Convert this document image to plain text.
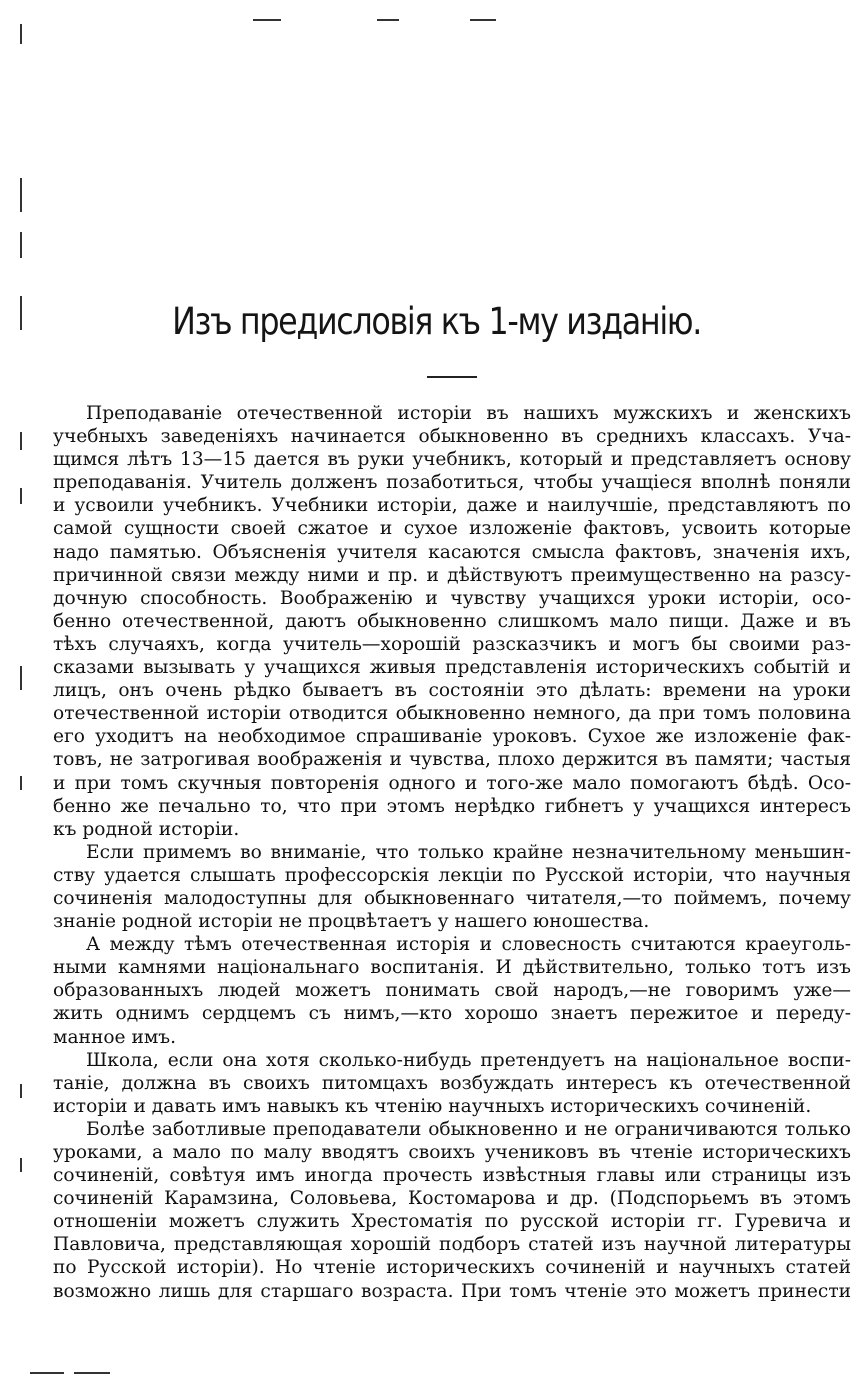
Изъ предисловія къ 1-му изданію.
Преподаваніе отечественной исторіи въ нашихъ мужскихъ и женскихъ
учебныхъ заведеніяхъ начинается обыкновенно въ среднихъ классахъ. Уча-
щимся лѣтъ 13—15 дается въ руки учебникъ, который и представляетъ основу
преподаванія. Учитель долженъ позаботиться, чтобы учащіеся вполнѣ поняли
и усвоили учебникъ. Учебники исторіи, даже и наилучшіе, представляютъ по
самой сущности своей сжатое и сухое изложеніе фактовъ, усвоить которые
надо памятью. Объясненія учителя касаются смысла фактовъ, значенія ихъ,
причинной связи между ними и пр. и дѣйствуютъ преимущественно на разсу-
дочную способность. Воображенію и чувству учащихся уроки исторіи, осо-
бенно отечественной, даютъ обыкновенно слишкомъ мало пищи. Даже и въ
тѣхъ случаяхъ, когда учитель—хорошій разсказчикъ и могъ бы своими раз-
сказами вызывать у учащихся живыя представленія историческихъ событій и
лицъ, онъ очень рѣдко бываетъ въ состояніи это дѣлать: времени на уроки
отечественной исторіи отводится обыкновенно немного, да при томъ половина
его уходитъ на необходимое спрашиваніе уроковъ. Сухое же изложеніе фак-
товъ, не затрогивая воображенія и чувства, плохо держится въ памяти; частыя
и при томъ скучныя повторенія одного и того-же мало помогаютъ бѣдѣ. Осо-
бенно же печально то, что при этомъ нерѣдко гибнетъ у учащихся интересъ
къ родной исторіи.
Если примемъ во вниманіе, что только крайне незначительному меньшин-
ству удается слышать профессорскія лекціи по Русской исторіи, что научныя
сочиненія малодоступны для обыкновеннаго читателя,—то поймемъ, почему
знаніе родной исторіи не процвѣтаетъ у нашего юношества.
А между тѣмъ отечественная исторія и словесность считаются краеуголь-
ными камнями національнаго воспитанія. И дѣйствительно, только тотъ изъ
образованныхъ людей можетъ понимать свой народъ,—не говоримъ уже—
жить однимъ сердцемъ съ нимъ,—кто хорошо знаетъ пережитое и переду-
манное имъ.
Школа, если она хотя сколько-нибудь претендуетъ на національное воспи-
таніе, должна въ своихъ питомцахъ возбуждать интересъ къ отечественной
исторіи и давать имъ навыкъ къ чтенію научныхъ историческихъ сочиненій.
Болѣе заботливые преподаватели обыкновенно и не ограничиваются только
уроками, а мало по малу вводятъ своихъ учениковъ въ чтеніе историческихъ
сочиненій, совѣтуя имъ иногда прочесть извѣстныя главы или страницы изъ
сочиненій Карамзина, Соловьева, Костомарова и др. (Подспорьемъ въ этомъ
отношеніи можетъ служить Хрестоматія по русской исторіи гг. Гуревича и
Павловича, представляющая хорошій подборъ статей изъ научной литературы
по Русской исторіи). Но чтеніе историческихъ сочиненій и научныхъ статей
возможно лишь для старшаго возраста. При томъ чтеніе это можетъ принести
